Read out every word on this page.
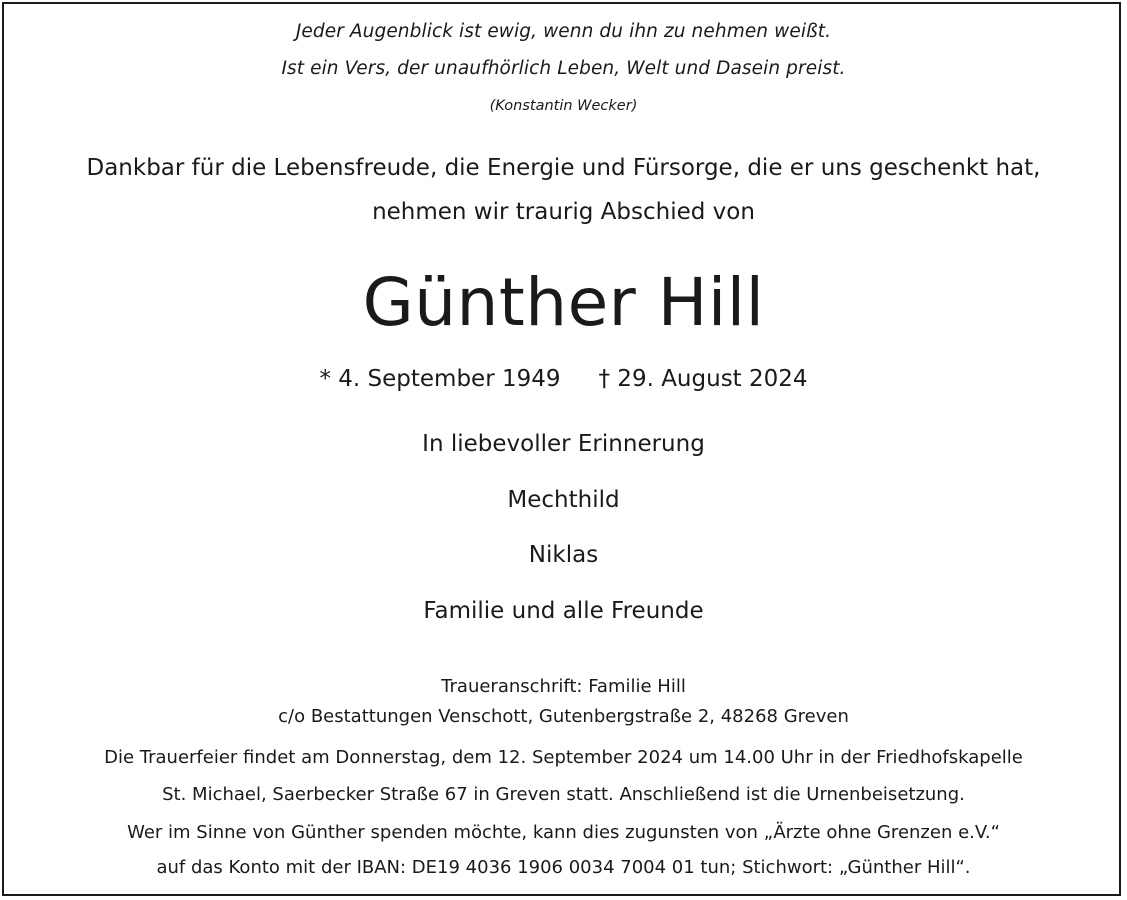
Jeder Augenblick ist ewig, wenn du ihn zu nehmen weißt.
Ist ein Vers, der unaufhörlich Leben, Welt und Dasein preist.
(Konstantin Wecker)
Dankbar für die Lebensfreude, die Energie und Fürsorge, die er uns geschenkt hat,
nehmen wir traurig Abschied von
Günther Hill
* 4. September 1949 † 29. August 2024
In liebevoller Erinnerung
Mechthild
Niklas
Familie und alle Freunde
Traueranschrift: Familie Hill
c/o Bestattungen Venschott, Gutenbergstraße 2, 48268 Greven
Die Trauerfeier findet am Donnerstag, dem 12. September 2024 um 14.00 Uhr in der Friedhofskapelle
St. Michael, Saerbecker Straße 67 in Greven statt. Anschließend ist die Urnenbeisetzung.
Wer im Sinne von Günther spenden möchte, kann dies zugunsten von „Ärzte ohne Grenzen e.V.“
auf das Konto mit der IBAN: DE19 4036 1906 0034 7004 01 tun; Stichwort: „Günther Hill“.
